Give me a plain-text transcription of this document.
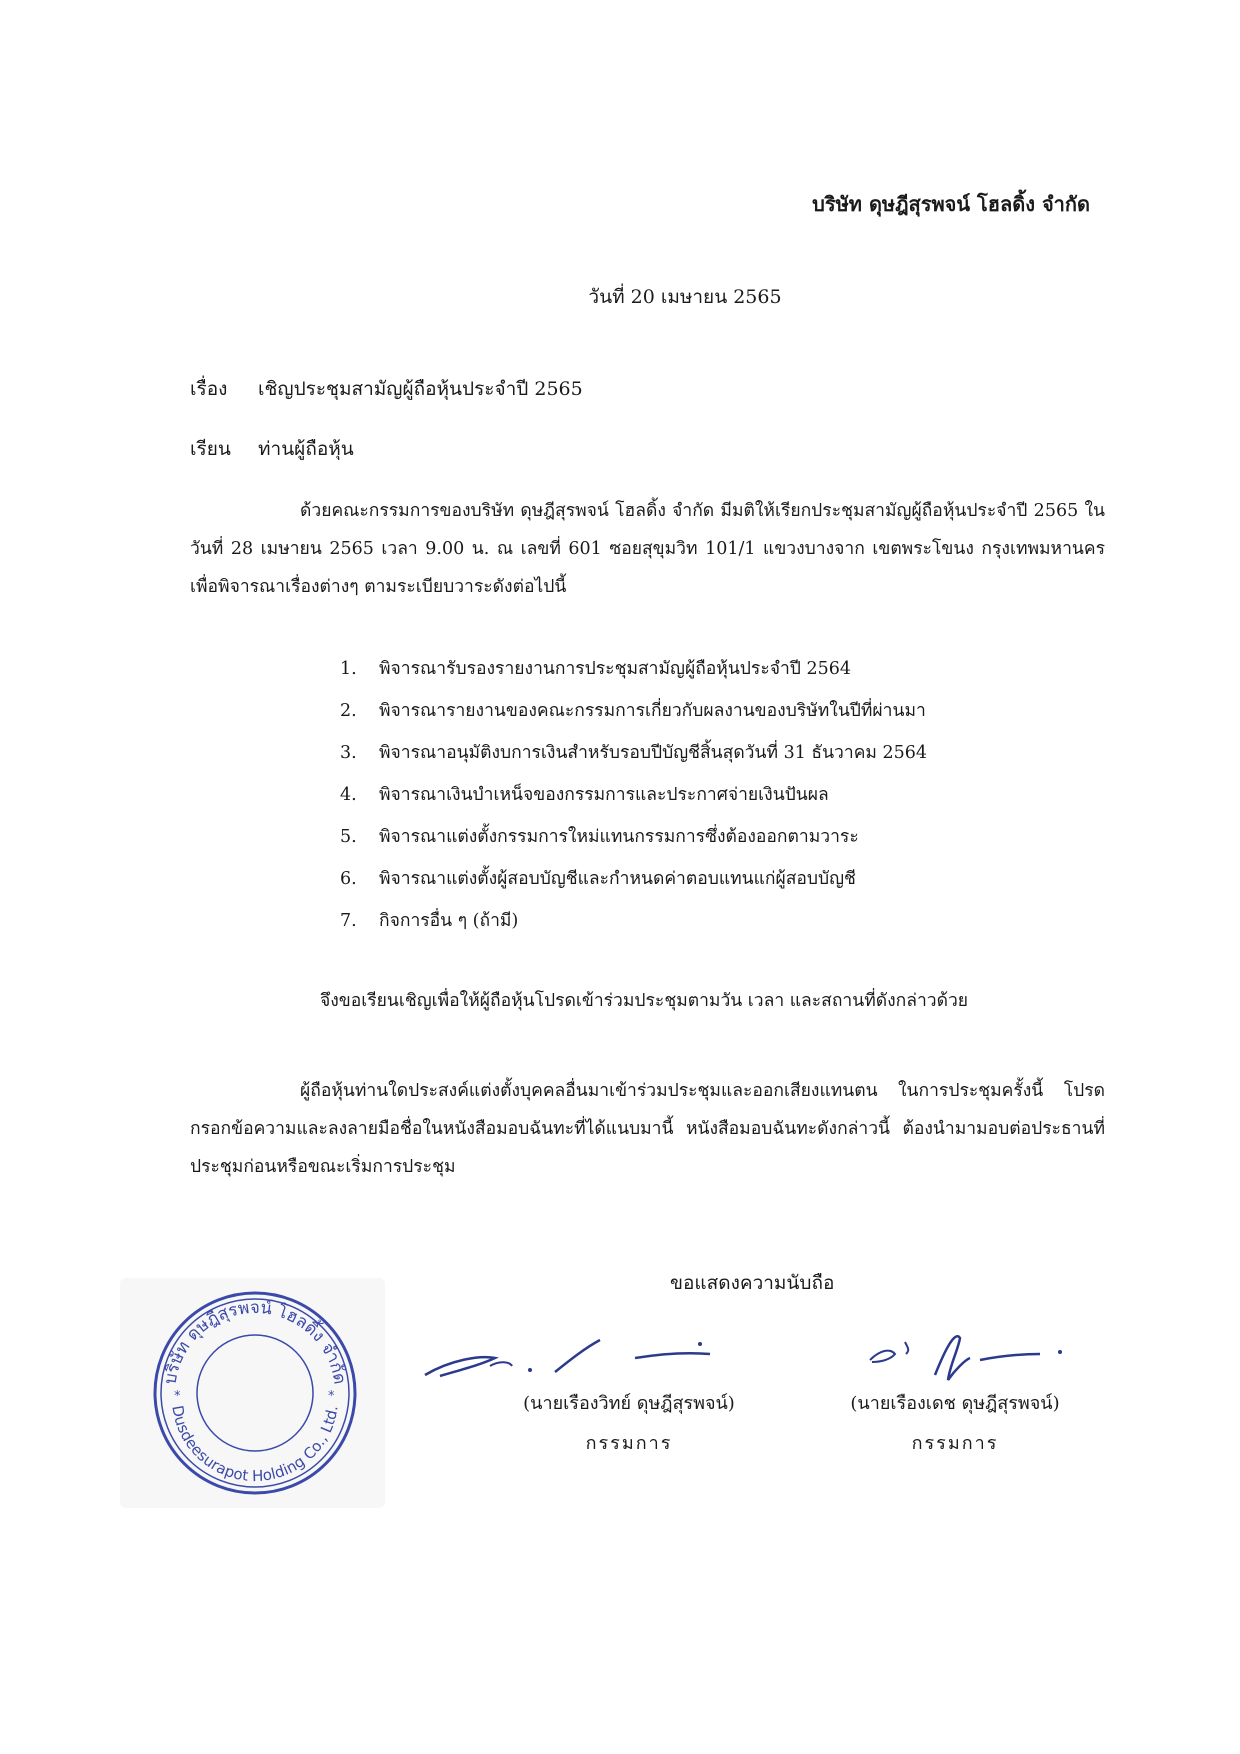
บริษัท ดุษฎีสุรพจน์ โฮลดิ้ง จำกัด
วันที่ 20 เมษายน 2565
เรื่อง เชิญประชุมสามัญผู้ถือหุ้นประจำปี 2565
เรียน ท่านผู้ถือหุ้น
ด้วยคณะกรรมการของบริษัท ดุษฎีสุรพจน์ โฮลดิ้ง จำกัด มีมติให้เรียกประชุมสามัญผู้ถือหุ้นประจำปี 2565 ในวันที่ 28 เมษายน 2565 เวลา 9.00 น. ณ เลขที่ 601 ซอยสุขุมวิท 101/1 แขวงบางจาก เขตพระโขนง กรุงเทพมหานคร เพื่อพิจารณาเรื่องต่างๆ ตามระเบียบวาระดังต่อไปนี้
1. พิจารณารับรองรายงานการประชุมสามัญผู้ถือหุ้นประจำปี 2564
2. พิจารณารายงานของคณะกรรมการเกี่ยวกับผลงานของบริษัทในปีที่ผ่านมา
3. พิจารณาอนุมัติงบการเงินสำหรับรอบปีบัญชีสิ้นสุดวันที่ 31 ธันวาคม 2564
4. พิจารณาเงินบำเหน็จของกรรมการและประกาศจ่ายเงินปันผล
5. พิจารณาแต่งตั้งกรรมการใหม่แทนกรรมการซึ่งต้องออกตามวาระ
6. พิจารณาแต่งตั้งผู้สอบบัญชีและกำหนดค่าตอบแทนแก่ผู้สอบบัญชี
7. กิจการอื่น ๆ (ถ้ามี)
จึงขอเรียนเชิญเพื่อให้ผู้ถือหุ้นโปรดเข้าร่วมประชุมตามวัน เวลา และสถานที่ดังกล่าวด้วย
ผู้ถือหุ้นท่านใดประสงค์แต่งตั้งบุคคลอื่นมาเข้าร่วมประชุมและออกเสียงแทนตน ในการประชุมครั้งนี้ โปรดกรอกข้อความและลงลายมือชื่อในหนังสือมอบฉันทะที่ได้แนบมานี้ หนังสือมอบฉันทะดังกล่าวนี้ ต้องนำมามอบต่อประธานที่ประชุมก่อนหรือขณะเริ่มการประชุม
ขอแสดงความนับถือ
บริษัท ดุษฎีสุรพจน์ โฮลดิ้ง จำกัด
Dusdeesurapot Holding Co., Ltd.
*	*	(นายเรืองวิทย์ ดุษฎีสุรพจน์)
กรรมการ
(นายเรืองเดช ดุษฎีสุรพจน์)
กรรมการ
